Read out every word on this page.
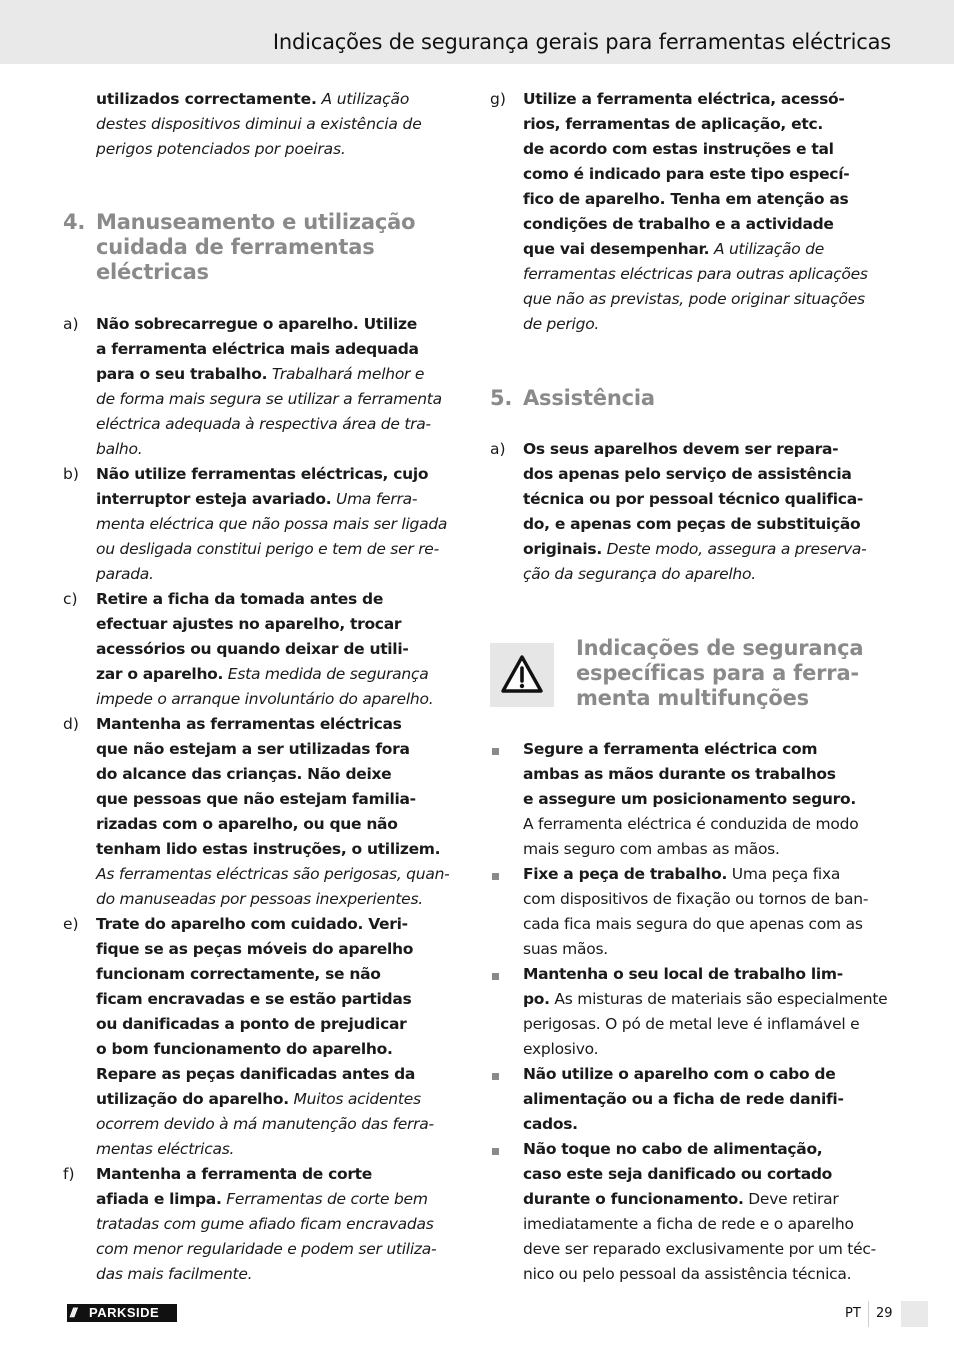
Indicações de segurança gerais para ferramentas eléctricas
utilizados correctamente. A utilização
destes dispositivos diminui a existência de
perigos potenciados por poeiras.
4. Manuseamento e utilização
cuidada de ferramentas
eléctricas
a) Não sobrecarregue o aparelho. Utilize
a ferramenta eléctrica mais adequada
para o seu trabalho. Trabalhará melhor e
de forma mais segura se utilizar a ferramenta
eléctrica adequada à respectiva área de tra-
balho.
b) Não utilize ferramentas eléctricas, cujo
interruptor esteja avariado. Uma ferra-
menta eléctrica que não possa mais ser ligada
ou desligada constitui perigo e tem de ser re-
parada.
c) Retire a ficha da tomada antes de
efectuar ajustes no aparelho, trocar
acessórios ou quando deixar de utili-
zar o aparelho. Esta medida de segurança
impede o arranque involuntário do aparelho.
d) Mantenha as ferramentas eléctricas
que não estejam a ser utilizadas fora
do alcance das crianças. Não deixe
que pessoas que não estejam familia-
rizadas com o aparelho, ou que não
tenham lido estas instruções, o utilizem.
As ferramentas eléctricas são perigosas, quan-
do manuseadas por pessoas inexperientes.
e) Trate do aparelho com cuidado. Veri-
fique se as peças móveis do aparelho
funcionam correctamente, se não
ficam encravadas e se estão partidas
ou danificadas a ponto de prejudicar
o bom funcionamento do aparelho.
Repare as peças danificadas antes da
utilização do aparelho. Muitos acidentes
ocorrem devido à má manutenção das ferra-
mentas eléctricas.
f) Mantenha a ferramenta de corte
afiada e limpa. Ferramentas de corte bem
tratadas com gume afiado ficam encravadas
com menor regularidade e podem ser utiliza-
das mais facilmente.
g) Utilize a ferramenta eléctrica, acessó-
rios, ferramentas de aplicação, etc.
de acordo com estas instruções e tal
como é indicado para este tipo especí-
fico de aparelho. Tenha em atenção as
condições de trabalho e a actividade
que vai desempenhar. A utilização de
ferramentas eléctricas para outras aplicações
que não as previstas, pode originar situações
de perigo.
5. Assistência
a) Os seus aparelhos devem ser repara-
dos apenas pelo serviço de assistência
técnica ou por pessoal técnico qualifica-
do, e apenas com peças de substituição
originais. Deste modo, assegura a preserva-
ção da segurança do aparelho.
Indicações de segurança
específicas para a ferra-
menta multifunções
Segure a ferramenta eléctrica com
ambas as mãos durante os trabalhos
e assegure um posicionamento seguro.
A ferramenta eléctrica é conduzida de modo
mais seguro com ambas as mãos.
Fixe a peça de trabalho. Uma peça fixa
com dispositivos de fixação ou tornos de ban-
cada fica mais segura do que apenas com as
suas mãos.
Mantenha o seu local de trabalho lim-
po. As misturas de materiais são especialmente
perigosas. O pó de metal leve é inflamável e
explosivo.
Não utilize o aparelho com o cabo de
alimentação ou a ficha de rede danifi-
cados.
Não toque no cabo de alimentação,
caso este seja danificado ou cortado
durante o funcionamento. Deve retirar
imediatamente a ficha de rede e o aparelho
deve ser reparado exclusivamente por um téc-
nico ou pelo pessoal da assistência técnica.
/// PARKSIDE	PT 29
